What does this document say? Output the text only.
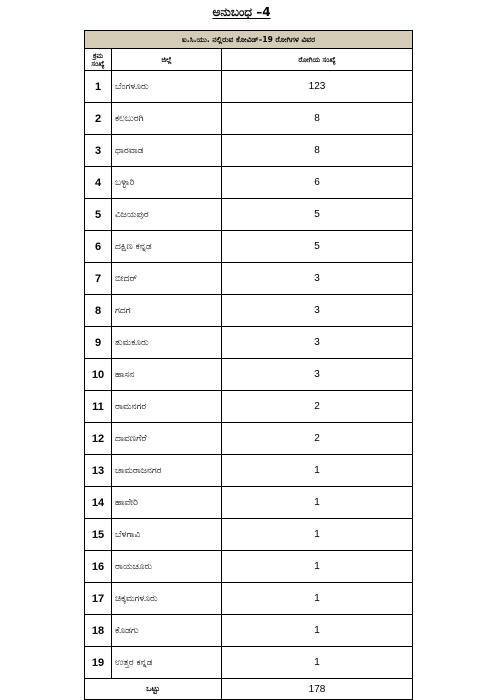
ಅನುಬಂಧ –4
ಐ.ಸಿ.ಯು. ನಲ್ಲಿರುವ ಕೋವಿಡ್–19 ರೋಗಿಗಳ ವಿವರ		
ಕ್ರಮ
ಸಂಖ್ಯೆ	ಜಿಲ್ಲೆ	ರೋಗಿಯ ಸಂಖ್ಯೆ
1	ಬೆಂಗಳೂರು	123
2	ಕಲಬುರಗಿ	8
3	ಧಾರವಾಡ	8
4	ಬಳ್ಳಾರಿ	6
5	ವಿಜಯಪುರ	5
6	ದಕ್ಷಿಣ ಕನ್ನಡ	5
7	ಬೀದರ್	3
8	ಗದಗ	3
9	ತುಮಕೂರು	3
10	ಹಾಸನ	3
11	ರಾಮನಗರ	2
12	ದಾವಣಗೆರೆ	2
13	ಚಾಮರಾಜನಗರ	1
14	ಹಾವೇರಿ	1
15	ಬೆಳಗಾವಿ	1
16	ರಾಯಚೂರು	1
17	ಚಿಕ್ಕಮಗಳೂರು	1
18	ಕೊಡಗು	1
19	ಉತ್ತರ ಕನ್ನಡ	1
ಒಟ್ಟು		178
